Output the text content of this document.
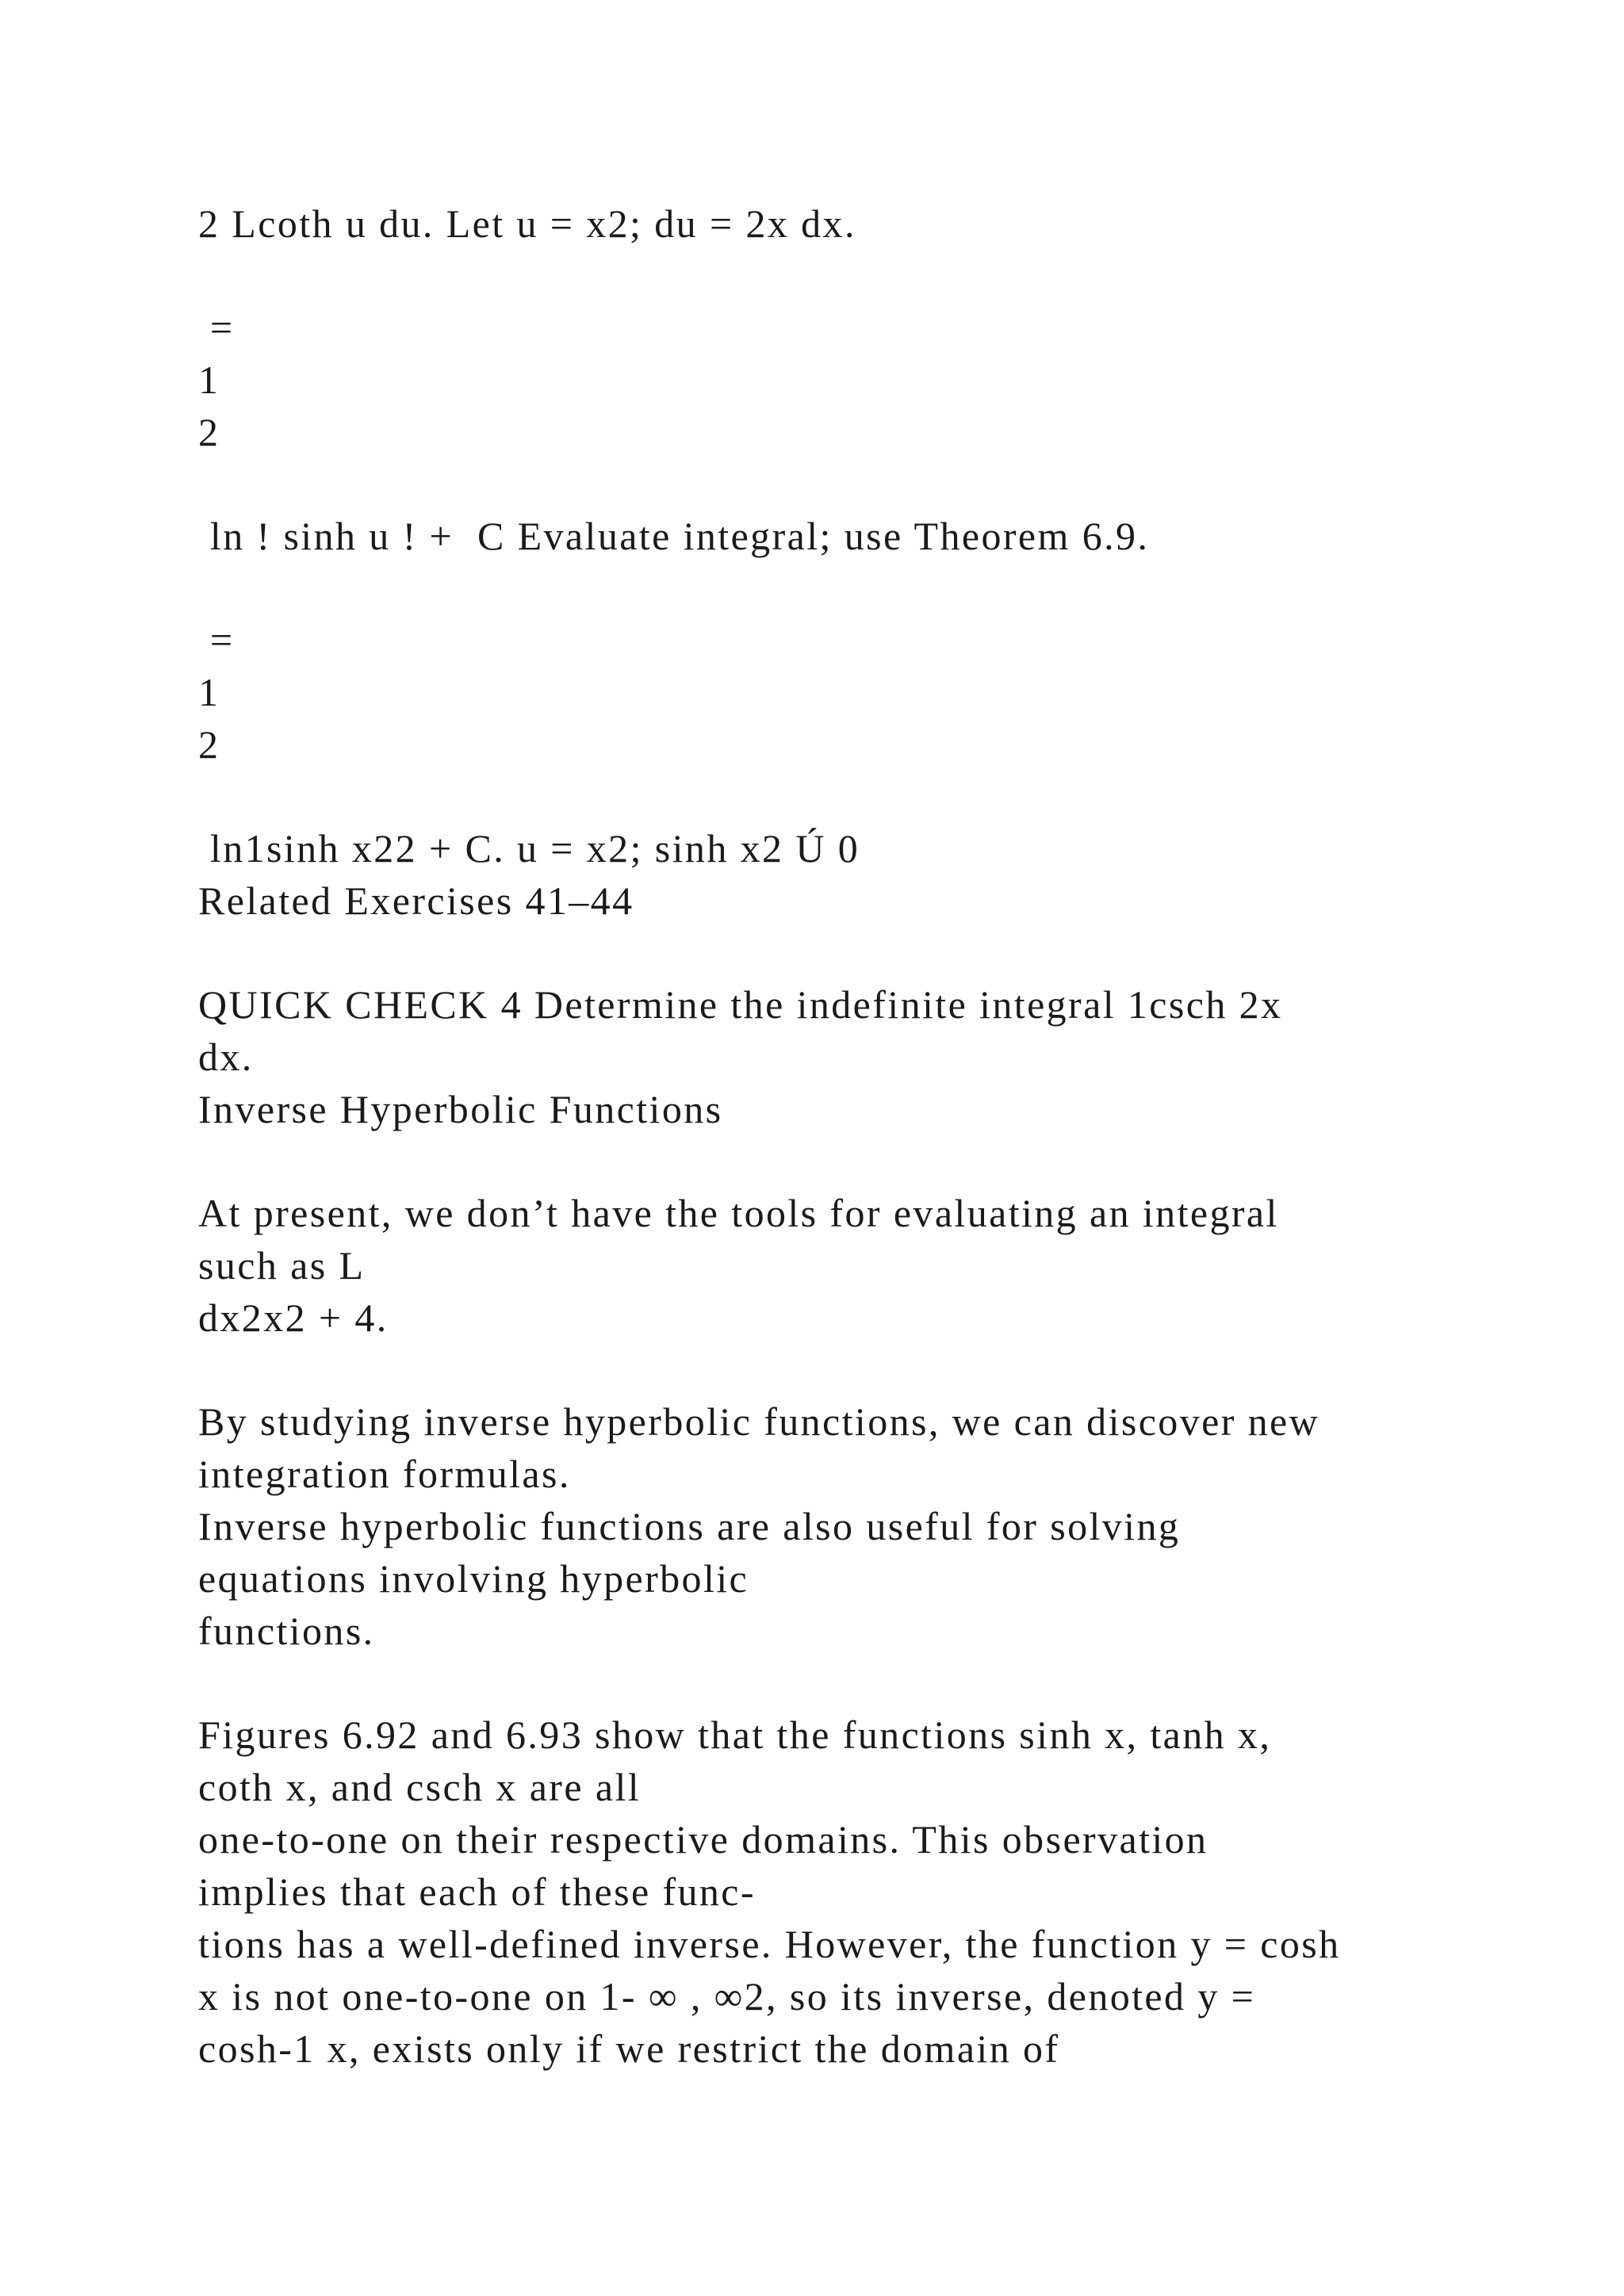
2 Lcoth u du. Let u = x2; du = 2x dx.
=
1
2
ln ! sinh u ! +  C Evaluate integral; use Theorem 6.9.
=
1
2
ln1sinh x22 + C. u = x2; sinh x2 Ú 0
Related Exercises 41–44
QUICK CHECK 4 Determine the indefinite integral 1csch 2x
dx.
Inverse Hyperbolic Functions
At present, we don’t have the tools for evaluating an integral
such as L
dx2x2 + 4.
By studying inverse hyperbolic functions, we can discover new
integration formulas.
Inverse hyperbolic functions are also useful for solving
equations involving hyperbolic
functions.
Figures 6.92 and 6.93 show that the functions sinh x, tanh x,
coth x, and csch x are all
one-to-one on their respective domains. This observation
implies that each of these func-
tions has a well-defined inverse. However, the function y = cosh
x is not one-to-one on 1- ∞ , ∞2, so its inverse, denoted y =
cosh-1 x, exists only if we restrict the domain of
